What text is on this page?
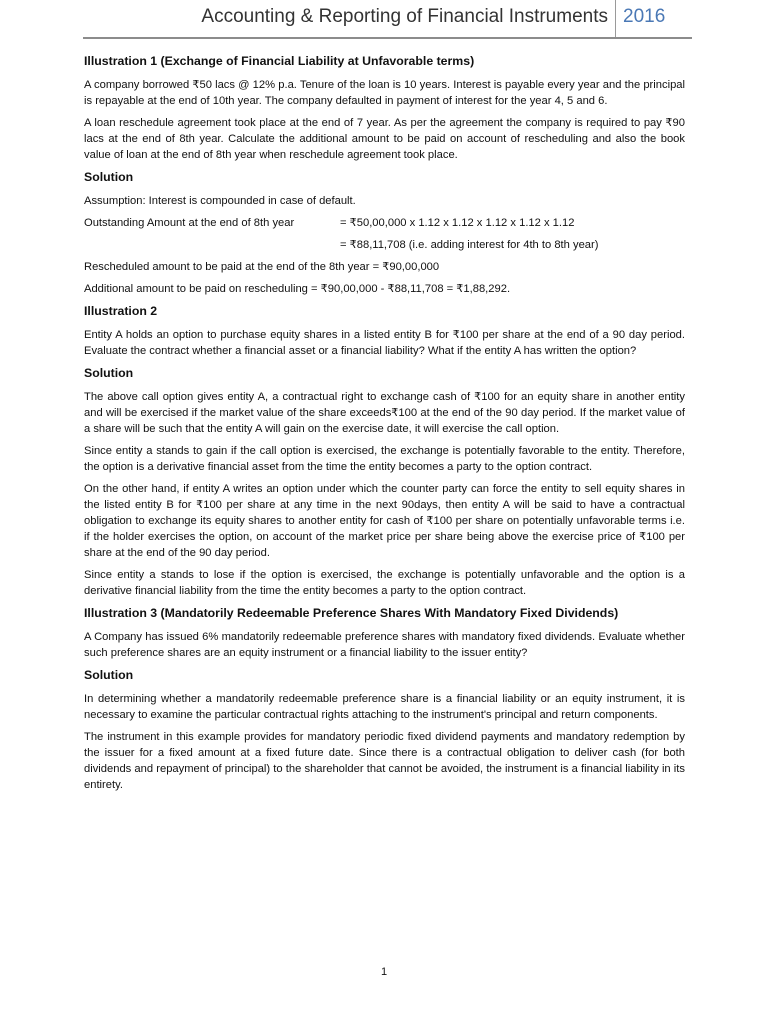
Accounting & Reporting of Financial Instruments 2016
Illustration 1 (Exchange of Financial Liability at Unfavorable terms)

A company borrowed ₹50 lacs @ 12% p.a. Tenure of the loan is 10 years. Interest is payable every year and the principal is repayable at the end of 10th year. The company defaulted in payment of interest for the year 4, 5 and 6.

A loan reschedule agreement took place at the end of 7 year. As per the agreement the company is required to pay ₹90 lacs at the end of 8th year. Calculate the additional amount to be paid on account of rescheduling and also the book value of loan at the end of 8th year when reschedule agreement took place.

Solution

Assumption: Interest is compounded in case of default.

Outstanding Amount at the end of 8th year	= ₹50,00,000 x 1.12 x 1.12 x 1.12 x 1.12 x 1.12
= ₹88,11,708 (i.e. adding interest for 4th to 8th year)

Rescheduled amount to be paid at the end of the 8th year = ₹90,00,000

Additional amount to be paid on rescheduling = ₹90,00,000 - ₹88,11,708 = ₹1,88,292.

Illustration 2

Entity A holds an option to purchase equity shares in a listed entity B for ₹100 per share at the end of a 90 day period. Evaluate the contract whether a financial asset or a financial liability? What if the entity A has written the option?

Solution

The above call option gives entity A, a contractual right to exchange cash of ₹100 for an equity share in another entity and will be exercised if the market value of the share exceeds₹100 at the end of the 90 day period. If the market value of a share will be such that the entity A will gain on the exercise date, it will exercise the call option.

Since entity a stands to gain if the call option is exercised, the exchange is potentially favorable to the entity. Therefore, the option is a derivative financial asset from the time the entity becomes a party to the option contract.

On the other hand, if entity A writes an option under which the counter party can force the entity to sell equity shares in the listed entity B for ₹100 per share at any time in the next 90days, then entity A will be said to have a contractual obligation to exchange its equity shares to another entity for cash of ₹100 per share on potentially unfavorable terms i.e. if the holder exercises the option, on account of the market price per share being above the exercise price of ₹100 per share at the end of the 90 day period.

Since entity a stands to lose if the option is exercised, the exchange is potentially unfavorable and the option is a derivative financial liability from the time the entity becomes a party to the option contract.

Illustration 3 (Mandatorily Redeemable Preference Shares With Mandatory Fixed Dividends)

A Company has issued 6% mandatorily redeemable preference shares with mandatory fixed dividends. Evaluate whether such preference shares are an equity instrument or a financial liability to the issuer entity?

Solution

In determining whether a mandatorily redeemable preference share is a financial liability or an equity instrument, it is necessary to examine the particular contractual rights attaching to the instrument's principal and return components.

The instrument in this example provides for mandatory periodic fixed dividend payments and mandatory redemption by the issuer for a fixed amount at a fixed future date. Since there is a contractual obligation to deliver cash (for both dividends and repayment of principal) to the shareholder that cannot be avoided, the instrument is a financial liability in its entirety.

1
